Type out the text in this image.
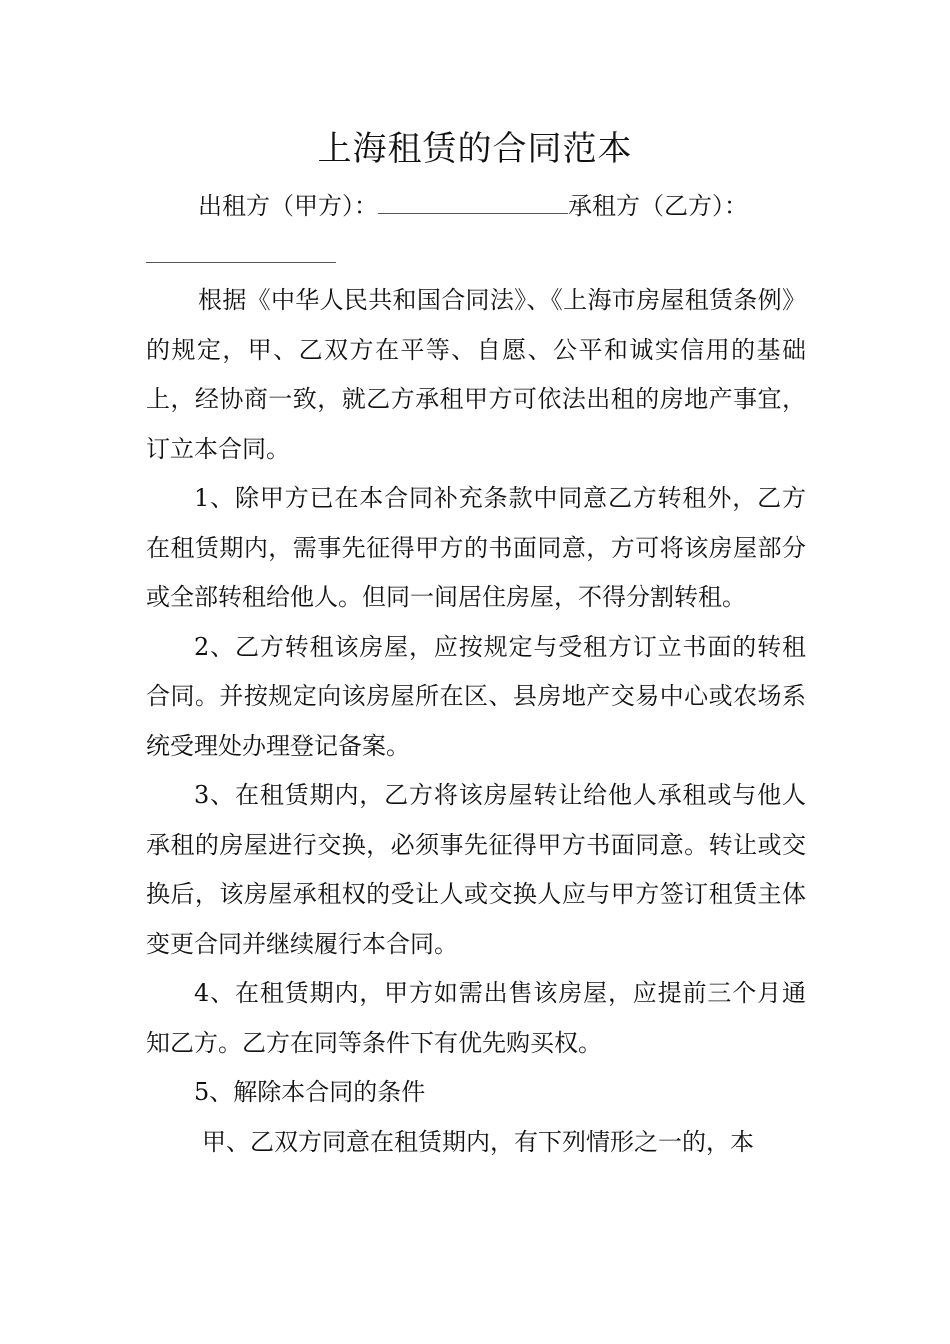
上海租赁的合同范本
出租方（甲方）：	承租方（乙方）：

根据《中华人民共和国合同法》、《上海市房屋租赁条例》的规定，甲、乙双方在平等、自愿、公平和诚实信用的基础上，经协商一致，就乙方承租甲方可依法出租的房地产事宜，订立本合同。

1、除甲方已在本合同补充条款中同意乙方转租外，乙方在租赁期内，需事先征得甲方的书面同意，方可将该房屋部分或全部转租给他人。但同一间居住房屋，不得分割转租。

2、乙方转租该房屋，应按规定与受租方订立书面的转租合同。并按规定向该房屋所在区、县房地产交易中心或农场系统受理处办理登记备案。

3、在租赁期内，乙方将该房屋转让给他人承租或与他人承租的房屋进行交换，必须事先征得甲方书面同意。转让或交换后，该房屋承租权的受让人或交换人应与甲方签订租赁主体变更合同并继续履行本合同。

4、在租赁期内，甲方如需出售该房屋，应提前三个月通知乙方。乙方在同等条件下有优先购买权。

5、解除本合同的条件

甲、乙双方同意在租赁期内，有下列情形之一的，本
